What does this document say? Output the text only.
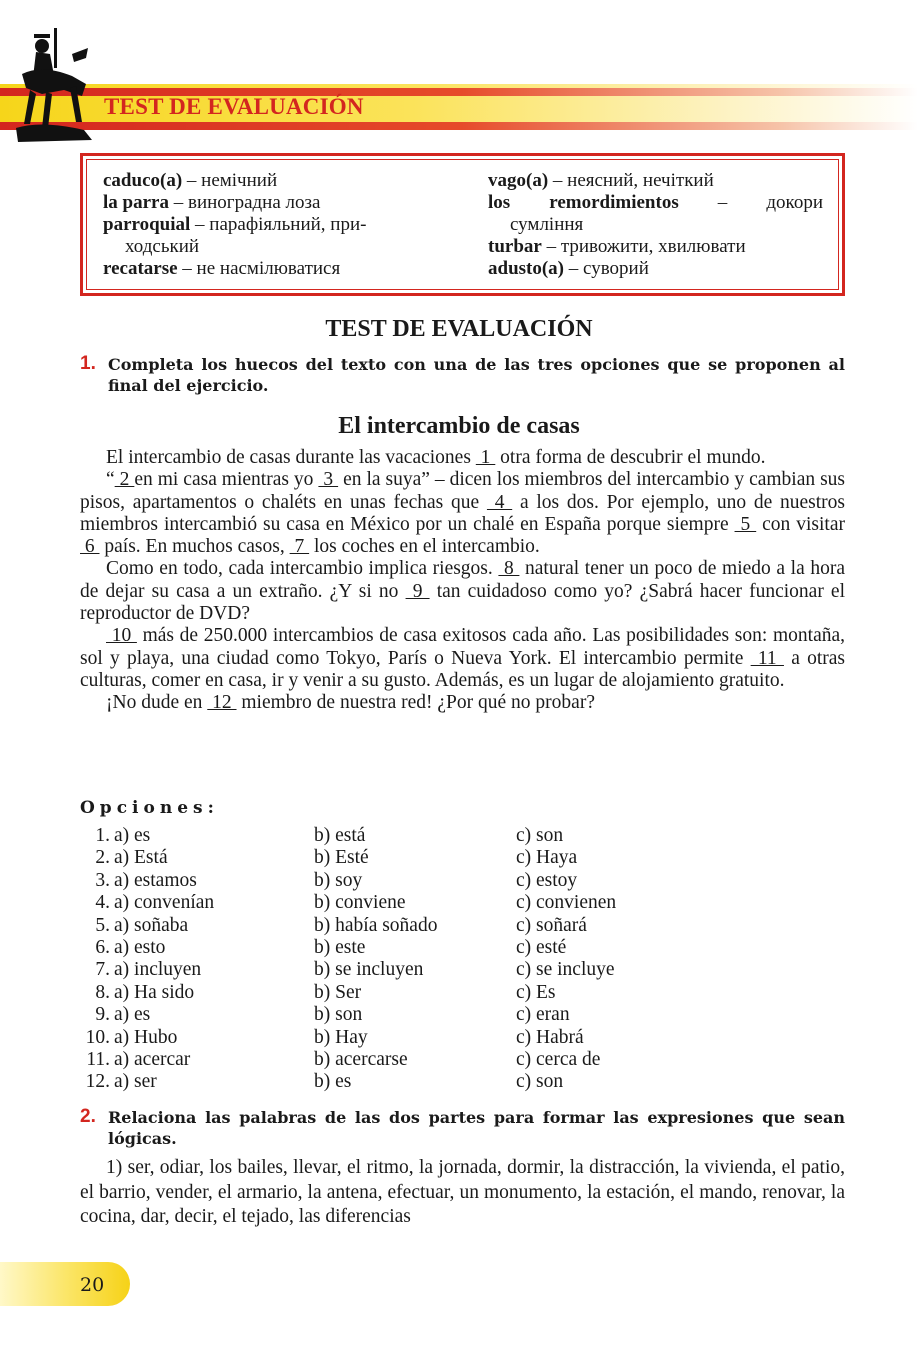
TEST DE EVALUACIÓN
caduco(a) – немічний
la parra – виноградна лоза
parroquial – парафіяльний, при-
ходський
recatarse – не насмілюватися
vago(a) – неясний, нечіткий
los remordimientos – докори
сумління
turbar – тривожити, хвилювати
adusto(a) – суворий
TEST DE EVALUACIÓN
1. Completa los huecos del texto con una de las tres opciones que se proponen al final del ejercicio.
El intercambio de casas

El intercambio de casas durante las vacaciones  1  otra forma de descubrir el mundo.

“ 2 en mi casa mientras yo  3  en la suya” – dicen los miembros del intercambio y cambian sus pisos, apartamentos o chaléts en unas fechas que  4  a los dos. Por ejemplo, uno de nuestros miembros intercambió su casa en México por un chalé en España porque siempre  5  con visitar  6  país. En muchos casos,  7  los coches en el intercambio.

Como en todo, cada intercambio implica riesgos.  8  natural tener un poco de miedo a la hora de dejar su casa a un extraño. ¿Y si no  9  tan cuidadoso como yo? ¿Sabrá hacer funcionar el reproductor de DVD?

10  más de 250.000 intercambios de casa exitosos cada año. Las posibilidades son: montaña, sol y playa, una ciudad como Tokyo, París o Nueva York. El intercambio permite  11  a otras culturas, comer en casa, ir y venir a su gusto. Además, es un lugar de alojamiento gratuito.

¡No dude en  12  miembro de nuestra red! ¿Por qué no probar?

Opciones:
1. a) es	b) está	c) son
2. a) Está	b) Esté	c) Haya
3. a) estamos	b) soy	c) estoy
4. a) convenían	b) conviene	c) convienen
5. a) soñaba	b) había soñado	c) soñará
6. a) esto	b) este	c) esté
7. a) incluyen	b) se incluyen	c) se incluye
8. a) Ha sido	b) Ser	c) Es
9. a) es	b) son	c) eran
10. a) Hubo	b) Hay	c) Habrá
11. a) acercar	b) acercarse	c) cerca de
12. a) ser	b) es	c) son
2. Relaciona las palabras de las dos partes para formar las expresiones que sean lógicas.

1) ser, odiar, los bailes, llevar, el ritmo, la jornada, dormir, la distracción, la vivienda, el patio, el barrio, vender, el armario, la antena, efectuar, un monumento, la estación, el mando, renovar, la cocina, dar, decir, el tejado, las diferencias

20
